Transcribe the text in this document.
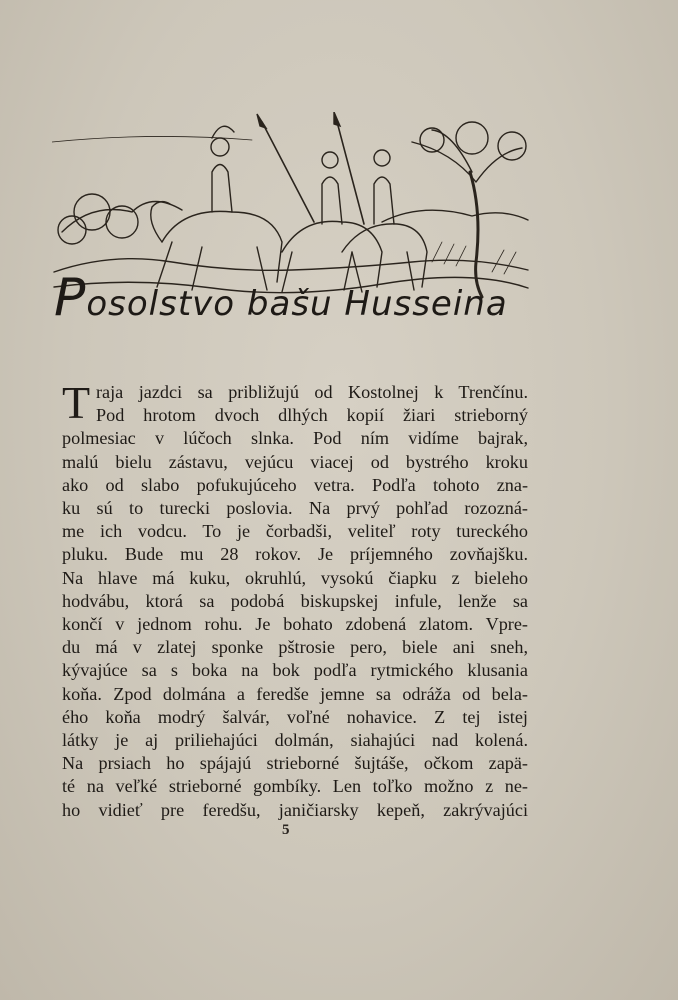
Posolstvo bašu Husseina
T raja jazdci sa približujú od Kostolnej k Trenčínu.
Pod hrotom dvoch dlhých kopií žiari strieborný
polmesiac v lúčoch slnka. Pod ním vidíme bajrak,
malú bielu zástavu, vejúcu viacej od bystrého kroku
ako od slabo pofukujúceho vetra. Podľa tohoto zna-
ku sú to turecki poslovia. Na prvý pohľad rozozná-
me ich vodcu. To je čorbadši, veliteľ roty tureckého
pluku. Bude mu 28 rokov. Je príjemného zovňajšku.
Na hlave má kuku, okruhlú, vysokú čiapku z bieleho
hodvábu, ktorá sa podobá biskupskej infule, lenže sa
končí v jednom rohu. Je bohato zdobená zlatom. Vpre-
du má v zlatej sponke pštrosie pero, biele ani sneh,
kývajúce sa s boka na bok podľa rytmického klusania
koňa. Zpod dolmána a feredše jemne sa odráža od bela-
ého koňa modrý šalvár, voľné nohavice. Z tej istej
látky je aj priliehajúci dolmán, siahajúci nad kolená.
Na prsiach ho spájajú strieborné šujtáše, očkom zapä-
té na veľké strieborné gombíky. Len toľko možno z ne-
ho vidieť pre feredšu, janičiarsky kepeň, zakrývajúci
5
